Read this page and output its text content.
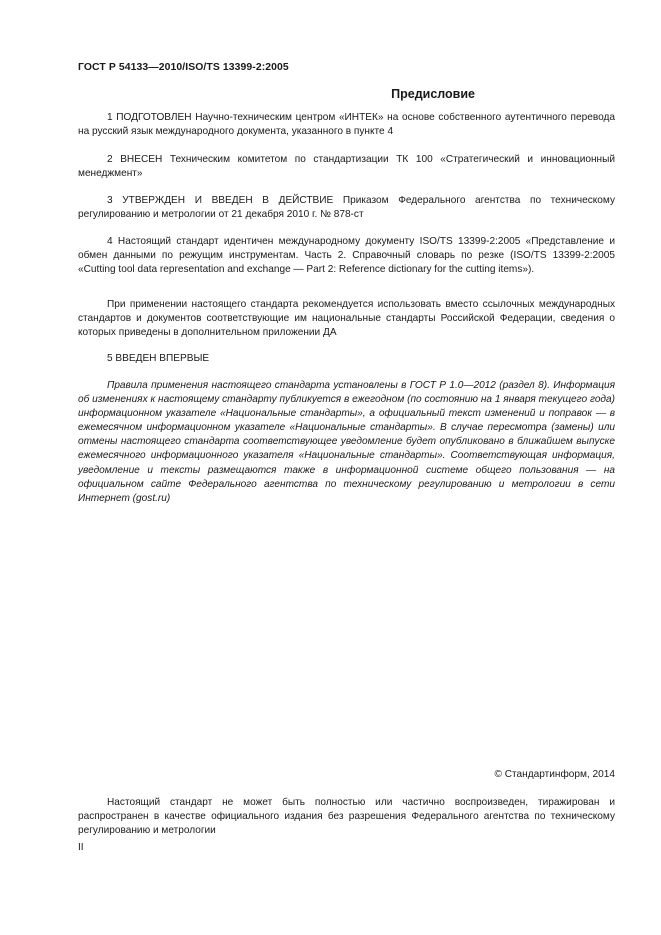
ГОСТ Р 54133—2010/ISO/TS 13399-2:2005
Предисловие

1 ПОДГОТОВЛЕН Научно-техническим центром «ИНТЕК» на основе собственного аутентичного перевода на русский язык международного документа, указанного в пункте 4

2 ВНЕСЕН Техническим комитетом по стандартизации ТК 100 «Стратегический и инновационный менеджмент»

3 УТВЕРЖДЕН И ВВЕДЕН В ДЕЙСТВИЕ Приказом Федерального агентства по техническому регулированию и метрологии от 21 декабря 2010 г. № 878-ст

4 Настоящий стандарт идентичен международному документу ISO/TS 13399-2:2005 «Представление и обмен данными по режущим инструментам. Часть 2. Справочный словарь по резке (ISO/TS 13399-2:2005 «Cutting tool data representation and exchange — Part 2: Reference dictionary for the cutting items»).

При применении настоящего стандарта рекомендуется использовать вместо ссылочных международных стандартов и документов соответствующие им национальные стандарты Российской Федерации, сведения о которых приведены в дополнительном приложении ДА

5 ВВЕДЕН ВПЕРВЫЕ

Правила применения настоящего стандарта установлены в ГОСТ Р 1.0—2012 (раздел 8). Информация об изменениях к настоящему стандарту публикуется в ежегодном (по состоянию на 1 января текущего года) информационном указателе «Национальные стандарты», а официальный текст изменений и поправок — в ежемесячном информационном указателе «Национальные стандарты». В случае пересмотра (замены) или отмены настоящего стандарта соответствующее уведомление будет опубликовано в ближайшем выпуске ежемесячного информационного указателя «Национальные стандарты». Соответствующая информация, уведомление и тексты размещаются также в информационной системе общего пользования — на официальном сайте Федерального агентства по техническому регулированию и метрологии в сети Интернет (gost.ru)

© Стандартинформ, 2014

Настоящий стандарт не может быть полностью или частично воспроизведен, тиражирован и распространен в качестве официального издания без разрешения Федерального агентства по техническому регулированию и метрологии

II
